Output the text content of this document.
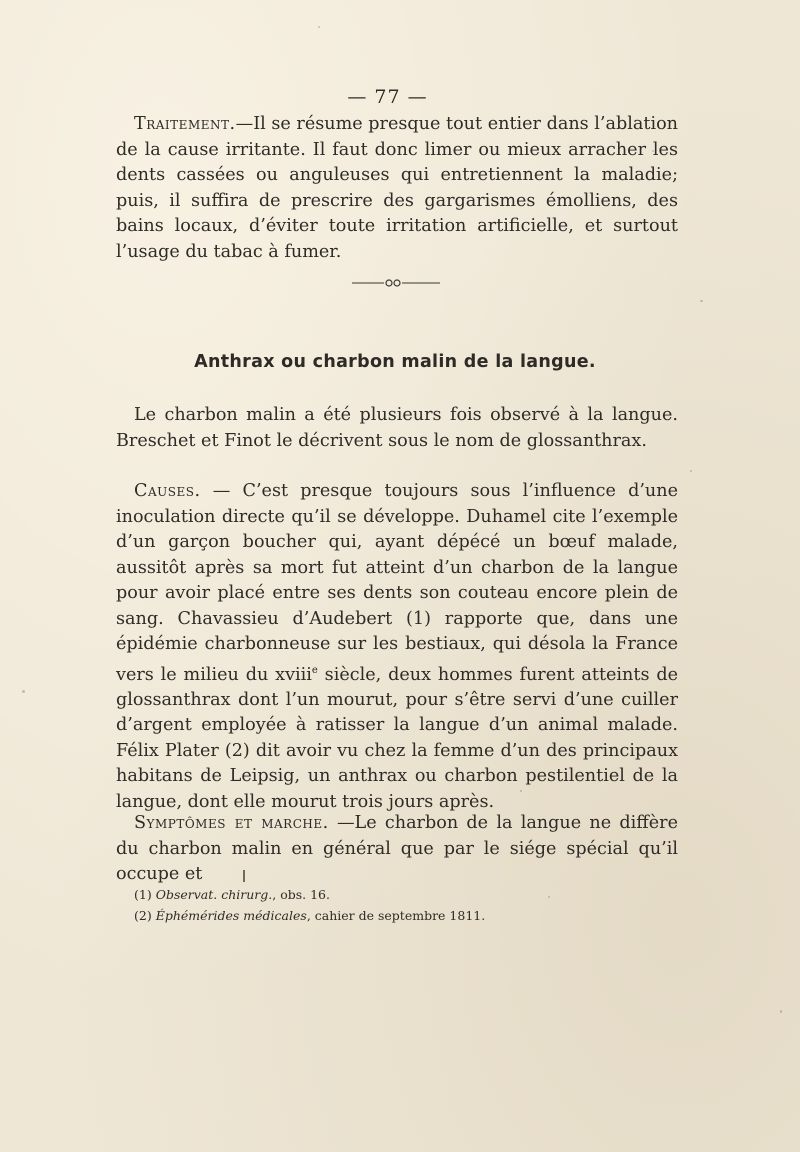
— 77 —

Traitement.—Il se résume presque tout entier dans l’ablation de la cause irritante. Il faut donc limer ou mieux arracher les dents cassées ou anguleuses qui entretiennent la maladie; puis, il suffira de prescrire des gargarismes émolliens, des bains locaux, d’éviter toute irritation artificielle, et surtout l’usage du tabac à fumer.

Anthrax ou charbon malin de la langue.

Le charbon malin a été plusieurs fois observé à la langue. Breschet et Finot le décrivent sous le nom de glossanthrax.

Causes. — C’est presque toujours sous l’influence d’une inoculation directe qu’il se développe. Duhamel cite l’exemple d’un garçon boucher qui, ayant dépécé un bœuf malade, aussitôt après sa mort fut atteint d’un charbon de la langue pour avoir placé entre ses dents son couteau encore plein de sang. Chavassieu d’Audebert (1) rapporte que, dans une épidémie charbonneuse sur les bestiaux, qui désola la France vers le milieu du xviii$^e$ siècle, deux hommes furent atteints de glossanthrax dont l’un mourut, pour s’être servi d’une cuiller d’argent employée à ratisser la langue d’un animal malade. Félix Plater (2) dit avoir vu chez la femme d’un des principaux habitans de Leipsig, un anthrax ou charbon pestilentiel de la langue, dont elle mourut trois jours après.

Symptômes et marche. —Le charbon de la langue ne diffère du charbon malin en général que par le siége spécial qu’il occupe et

(1) Observat. chirurg., obs. 16.
(2) Éphémérides médicales, cahier de septembre 1811.
